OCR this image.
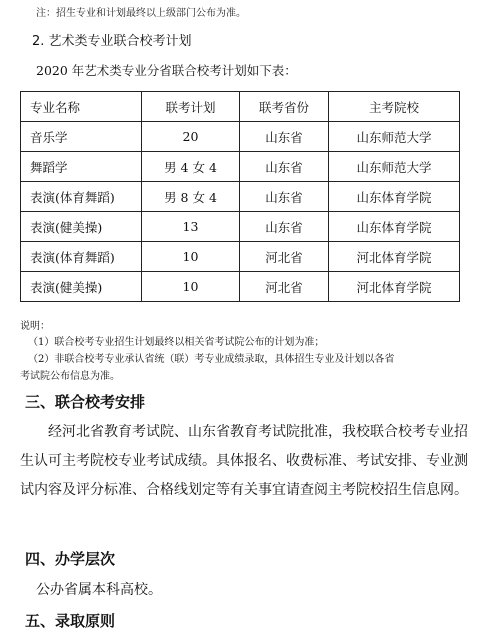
注：招生专业和计划最终以上级部门公布为准。
2. 艺术类专业联合校考计划
2020 年艺术类专业分省联合校考计划如下表：
专业名称	联考计划	联考省份	主考院校
音乐学	20	山东省	山东师范大学
舞蹈学	男 4 女 4	山东省	山东师范大学
表演(体育舞蹈)	男 8 女 4	山东省	山东体育学院
表演(健美操)	13	山东省	山东体育学院
表演(体育舞蹈)	10	河北省	河北体育学院
表演(健美操)	10	河北省	河北体育学院
说明：
（1）联合校考专业招生计划最终以相关省考试院公布的计划为准；
（2）非联合校考专业承认省统（联）考专业成绩录取，具体招生专业及计划以各省
考试院公布信息为准。
三、联合校考安排
经河北省教育考试院、山东省教育考试院批准，我校联合校考专业招生认可主考院校专业考试成绩。具体报名、收费标准、考试安排、专业测试内容及评分标准、合格线划定等有关事宜请查阅主考院校招生信息网。
四、办学层次
公办省属本科高校。
五、录取原则
